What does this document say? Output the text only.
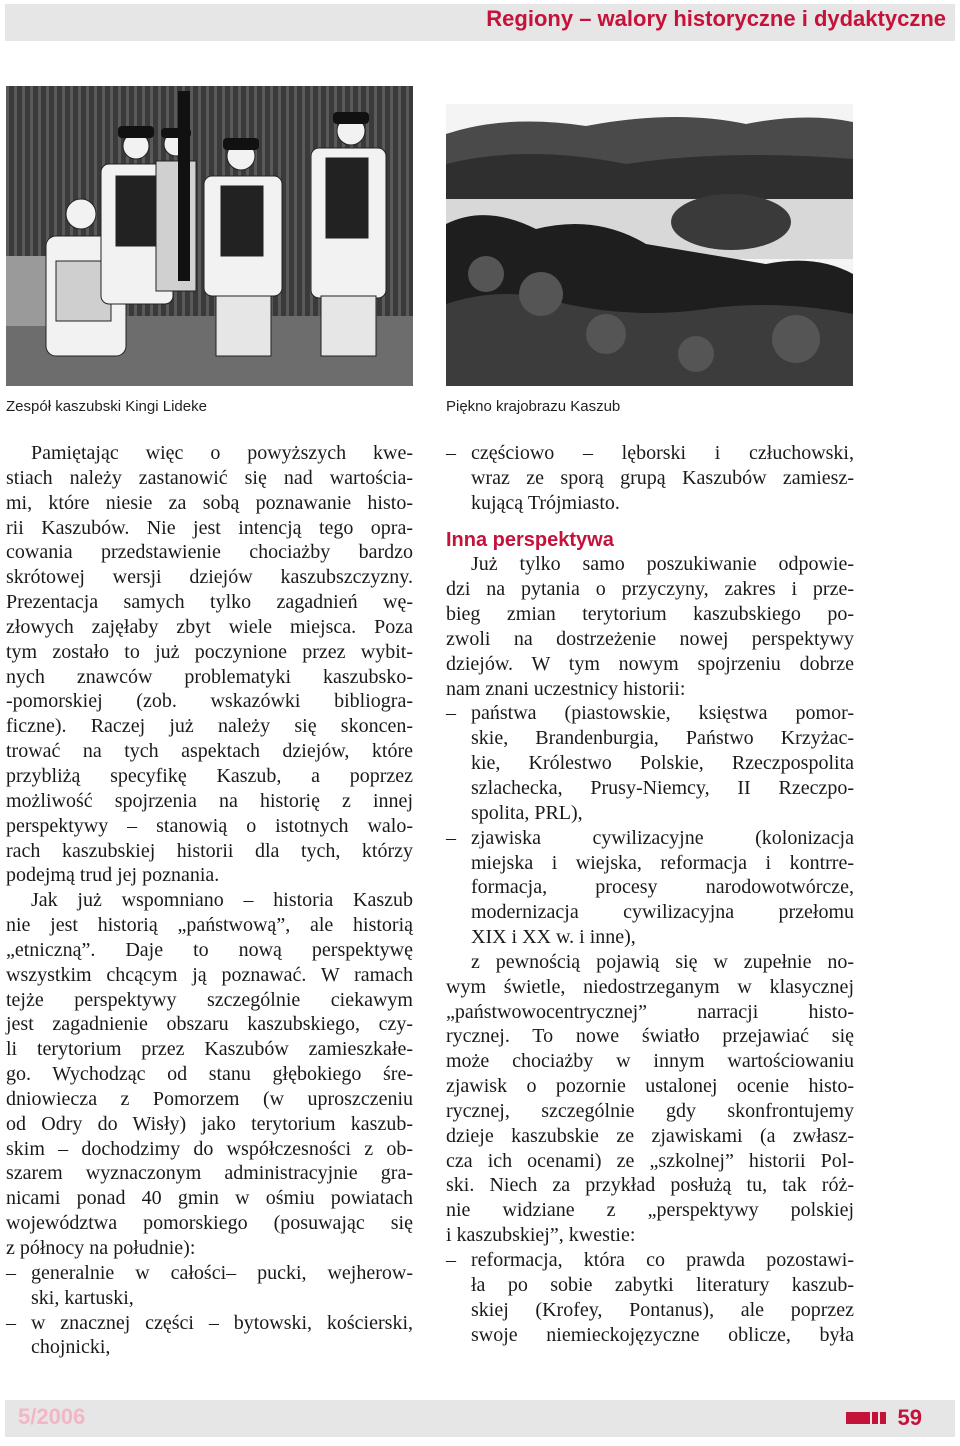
Regiony – walory historyczne i dydaktyczne
Zespół kaszubski Kingi Lideke	Piękno krajobrazu Kaszub
Pamiętając więc o powyższych kwe-
stiach należy zastanowić się nad wartościa-
mi, które niesie za sobą poznawanie histo-
rii Kaszubów. Nie jest intencją tego opra-
cowania przedstawienie chociażby bardzo
skrótowej wersji dziejów kaszubszczyzny.
Prezentacja samych tylko zagadnień wę-
złowych zajęłaby zbyt wiele miejsca. Poza
tym zostało to już poczynione przez wybit-
nych znawców problematyki kaszubsko-
-pomorskiej (zob. wskazówki bibliogra-
ficzne). Raczej już należy się skoncen-
trować na tych aspektach dziejów, które
przybliżą specyfikę Kaszub, a poprzez
możliwość spojrzenia na historię z innej
perspektywy – stanowią o istotnych walo-
rach kaszubskiej historii dla tych, którzy
podejmą trud jej poznania.
Jak już wspomniano – historia Kaszub
nie jest historią „państwową”, ale historią
„etniczną”. Daje to nową perspektywę
wszystkim chcącym ją poznawać. W ramach
tejże perspektywy szczególnie ciekawym
jest zagadnienie obszaru kaszubskiego, czy-
li terytorium przez Kaszubów zamieszkałe-
go. Wychodząc od stanu głębokiego śre-
dniowiecza z Pomorzem (w uproszczeniu
od Odry do Wisły) jako terytorium kaszub-
skim – dochodzimy do współczesności z ob-
szarem wyznaczonym administracyjnie gra-
nicami ponad 40 gmin w ośmiu powiatach
województwa pomorskiego (posuwając się
z północy na południe):
– generalnie w całości– pucki, wejherow-
ski, kartuski,
– w znacznej części – bytowski, kościerski,
chojnicki,
– częściowo – lęborski i człuchowski,
wraz ze sporą grupą Kaszubów zamiesz-
kującą Trójmiasto.
Inna perspektywa
Już tylko samo poszukiwanie odpowie-
dzi na pytania o przyczyny, zakres i prze-
bieg zmian terytorium kaszubskiego po-
zwoli na dostrzeżenie nowej perspektywy
dziejów. W tym nowym spojrzeniu dobrze
nam znani uczestnicy historii:
– państwa (piastowskie, księstwa pomor-
skie, Brandenburgia, Państwo Krzyżac-
kie, Królestwo Polskie, Rzeczpospolita
szlachecka, Prusy-Niemcy, II Rzeczpo-
spolita, PRL),
– zjawiska cywilizacyjne (kolonizacja
miejska i wiejska, reformacja i kontrre-
formacja, procesy narodowotwórcze,
modernizacja cywilizacyjna przełomu
XIX i XX w. i inne),
z pewnością pojawią się w zupełnie no-
wym świetle, niedostrzeganym w klasycznej
„państwowocentrycznej” narracji histo-
rycznej. To nowe światło przejawiać się
może chociażby w innym wartościowaniu
zjawisk o pozornie ustalonej ocenie histo-
rycznej, szczególnie gdy skonfrontujemy
dzieje kaszubskie ze zjawiskami (a zwłasz-
cza ich ocenami) ze „szkolnej” historii Pol-
ski. Niech za przykład posłużą tu, tak róż-
nie widziane z „perspektywy polskiej
i kaszubskiej”, kwestie:
– reformacja, która co prawda pozostawi-
ła po sobie zabytki literatury kaszub-
skiej (Krofey, Pontanus), ale poprzez
swoje niemieckojęzyczne oblicze, była
5/2006	59
